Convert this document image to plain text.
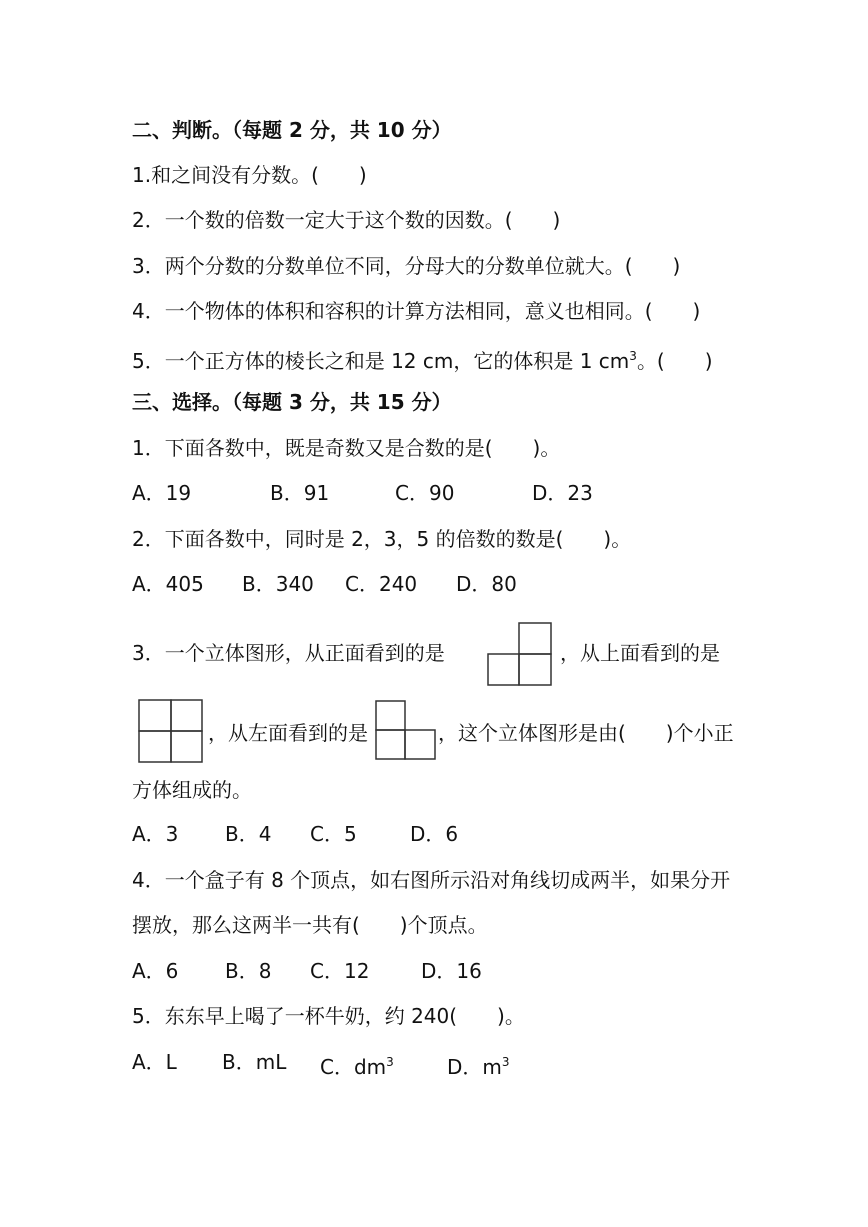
二、判断。（每题 2 分，共 10 分）
1.和之间没有分数。(　　)
2．一个数的倍数一定大于这个数的因数。(　　)
3．两个分数的分数单位不同，分母大的分数单位就大。(　　)
4．一个物体的体积和容积的计算方法相同，意义也相同。(　　)
5．一个正方体的棱长之和是 12 cm，它的体积是 1 $cm^3$。(　　)
三、选择。（每题 3 分，共 15 分）
1．下面各数中，既是奇数又是合数的是(　　)。
A．19	B．91	C．90	D．23
2．下面各数中，同时是 2，3，5 的倍数的数是(　　)。
A．405 B．340 C．240 D．80
3．一个立体图形，从正面看到的是	，从上面看到的是
，从左面看到的是	，这个立体图形是由(　　)个小正
方体组成的。
A．3 B．4 C．5	D．6
4．一个盒子有 8 个顶点，如右图所示沿对角线切成两半，如果分开
摆放，那么这两半一共有(　　)个顶点。
A．6 B．8 C．12	D．16
5．东东早上喝了一杯牛奶，约 240(　　)。
A．L B．mL C．$dm^3$	D．$m^3$
